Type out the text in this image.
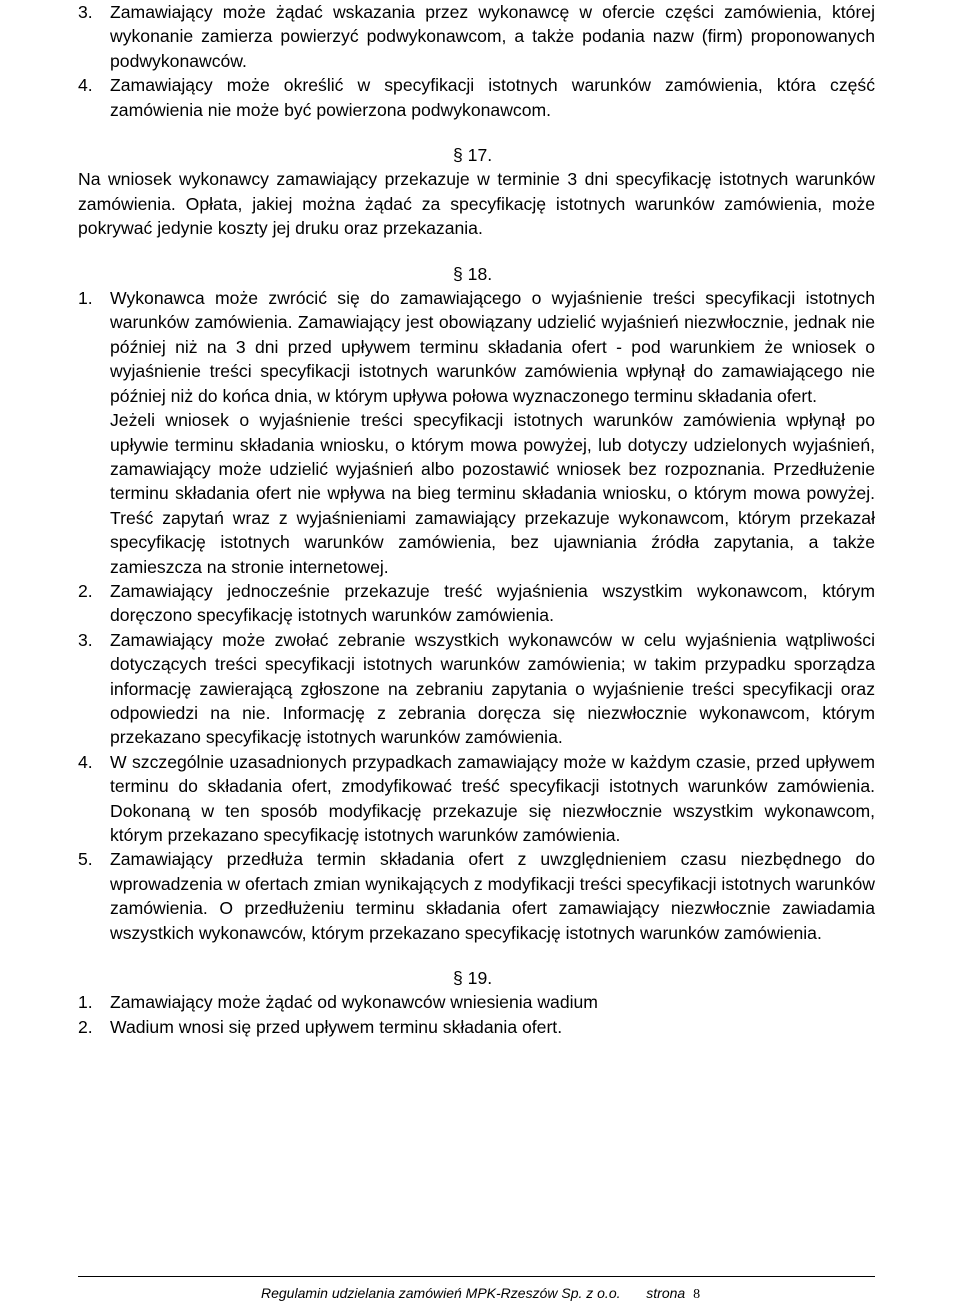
3. Zamawiający może żądać wskazania przez wykonawcę w ofercie części zamówienia, której wykonanie zamierza powierzyć podwykonawcom, a także podania nazw (firm) proponowanych podwykonawców.
4. Zamawiający może określić w specyfikacji istotnych warunków zamówienia, która część zamówienia nie może być powierzona podwykonawcom.
§ 17.
Na wniosek wykonawcy zamawiający przekazuje w terminie 3 dni specyfikację istotnych warunków zamówienia. Opłata, jakiej można żądać za specyfikację istotnych warunków zamówienia, może pokrywać jedynie koszty jej druku oraz przekazania.
§ 18.
1. Wykonawca może zwrócić się do zamawiającego o wyjaśnienie treści specyfikacji istotnych warunków zamówienia. Zamawiający jest obowiązany udzielić wyjaśnień niezwłocznie, jednak nie później niż na 3 dni przed upływem terminu składania ofert - pod warunkiem że wniosek o wyjaśnienie treści specyfikacji istotnych warunków zamówienia wpłynął do zamawiającego nie później niż do końca dnia, w którym upływa połowa wyznaczonego terminu składania ofert.
Jeżeli wniosek o wyjaśnienie treści specyfikacji istotnych warunków zamówienia wpłynął po upływie terminu składania wniosku, o którym mowa powyżej, lub dotyczy udzielonych wyjaśnień, zamawiający może udzielić wyjaśnień albo pozostawić wniosek bez rozpoznania. Przedłużenie terminu składania ofert nie wpływa na bieg terminu składania wniosku, o którym mowa powyżej. Treść zapytań wraz z wyjaśnieniami zamawiający przekazuje wykonawcom, którym przekazał specyfikację istotnych warunków zamówienia, bez ujawniania źródła zapytania, a także zamieszcza na stronie internetowej.
2. Zamawiający jednocześnie przekazuje treść wyjaśnienia wszystkim wykonawcom, którym doręczono specyfikację istotnych warunków zamówienia.
3. Zamawiający może zwołać zebranie wszystkich wykonawców w celu wyjaśnienia wątpliwości dotyczących treści specyfikacji istotnych warunków zamówienia; w takim przypadku sporządza informację zawierającą zgłoszone na zebraniu zapytania o wyjaśnienie treści specyfikacji oraz odpowiedzi na nie. Informację z zebrania doręcza się niezwłocznie wykonawcom, którym przekazano specyfikację istotnych warunków zamówienia.
4. W szczególnie uzasadnionych przypadkach zamawiający może w każdym czasie, przed upływem terminu do składania ofert, zmodyfikować treść specyfikacji istotnych warunków zamówienia. Dokonaną w ten sposób modyfikację przekazuje się niezwłocznie wszystkim wykonawcom, którym przekazano specyfikację istotnych warunków zamówienia.
5. Zamawiający przedłuża termin składania ofert z uwzględnieniem czasu niezbędnego do wprowadzenia w ofertach zmian wynikających z modyfikacji treści specyfikacji istotnych warunków zamówienia. O przedłużeniu terminu składania ofert zamawiający niezwłocznie zawiadamia wszystkich wykonawców, którym przekazano specyfikację istotnych warunków zamówienia.
§ 19.
1. Zamawiający może żądać od wykonawców wniesienia wadium
2. Wadium wnosi się przed upływem terminu składania ofert.
Regulamin udzielania zamówień MPK-Rzeszów Sp. z o.o. strona 8
